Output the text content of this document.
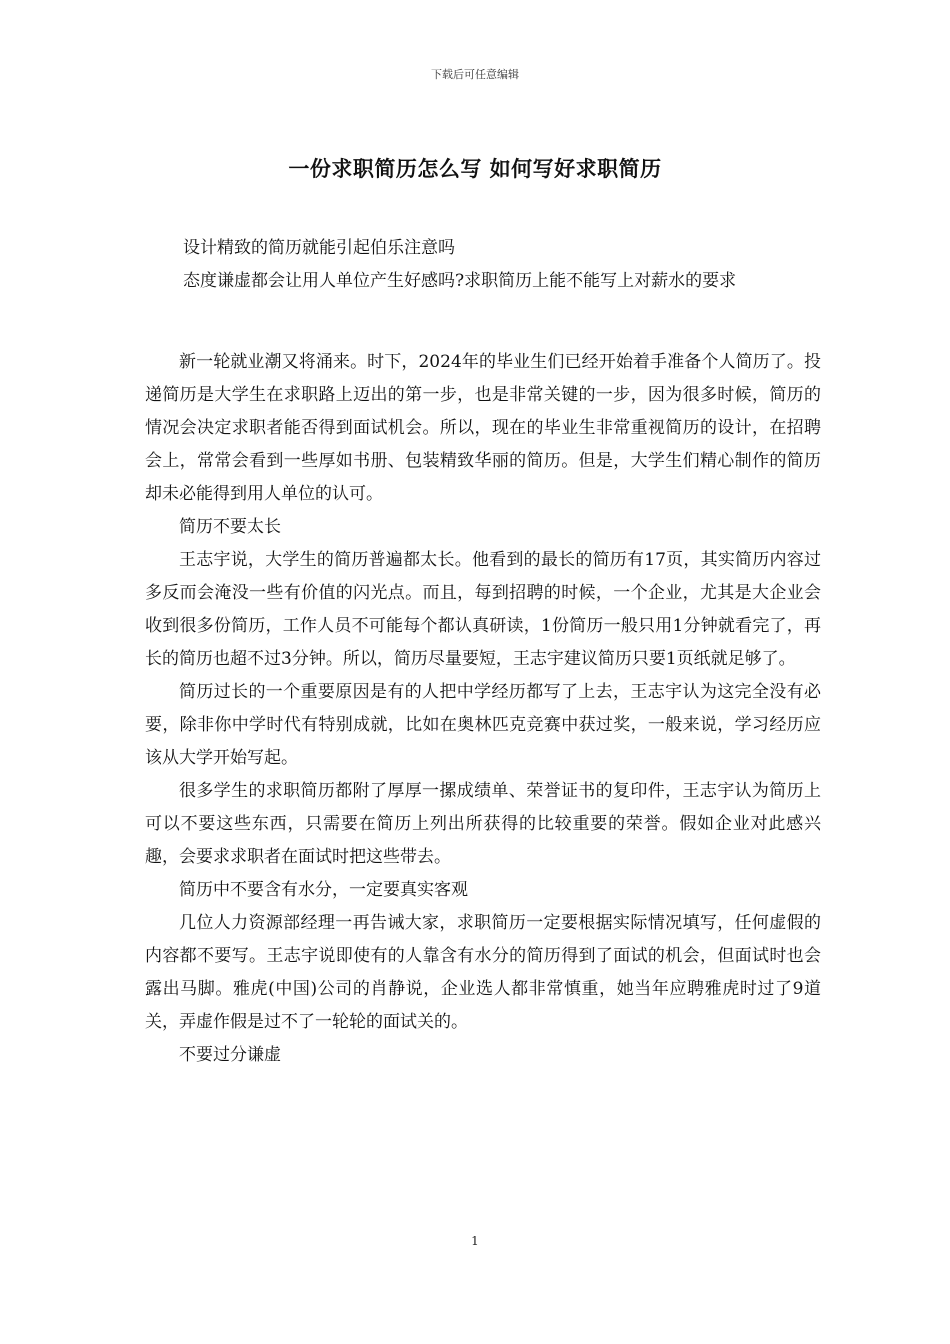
下载后可任意编辑
一份求职简历怎么写 如何写好求职简历

设计精致的简历就能引起伯乐注意吗

态度谦虚都会让用人单位产生好感吗?求职简历上能不能写上对薪水的要求

新一轮就业潮又将涌来。时下，2024年的毕业生们已经开始着手准备个人简历了。投递简历是大学生在求职路上迈出的第一步，也是非常关键的一步，因为很多时候，简历的情况会决定求职者能否得到面试机会。所以，现在的毕业生非常重视简历的设计，在招聘会上，常常会看到一些厚如书册、包装精致华丽的简历。但是，大学生们精心制作的简历却未必能得到用人单位的认可。

简历不要太长

王志宇说，大学生的简历普遍都太长。他看到的最长的简历有17页，其实简历内容过多反而会淹没一些有价值的闪光点。而且，每到招聘的时候，一个企业，尤其是大企业会收到很多份简历，工作人员不可能每个都认真研读，1份简历一般只用1分钟就看完了，再长的简历也超不过3分钟。所以，简历尽量要短，王志宇建议简历只要1页纸就足够了。

简历过长的一个重要原因是有的人把中学经历都写了上去，王志宇认为这完全没有必要，除非你中学时代有特别成就，比如在奥林匹克竞赛中获过奖，一般来说，学习经历应该从大学开始写起。

很多学生的求职简历都附了厚厚一摞成绩单、荣誉证书的复印件，王志宇认为简历上可以不要这些东西，只需要在简历上列出所获得的比较重要的荣誉。假如企业对此感兴趣，会要求求职者在面试时把这些带去。

简历中不要含有水分，一定要真实客观

几位人力资源部经理一再告诫大家，求职简历一定要根据实际情况填写，任何虚假的内容都不要写。王志宇说即使有的人靠含有水分的简历得到了面试的机会，但面试时也会露出马脚。雅虎(中国)公司的肖静说，企业选人都非常慎重，她当年应聘雅虎时过了9道关，弄虚作假是过不了一轮轮的面试关的。

不要过分谦虚

1
